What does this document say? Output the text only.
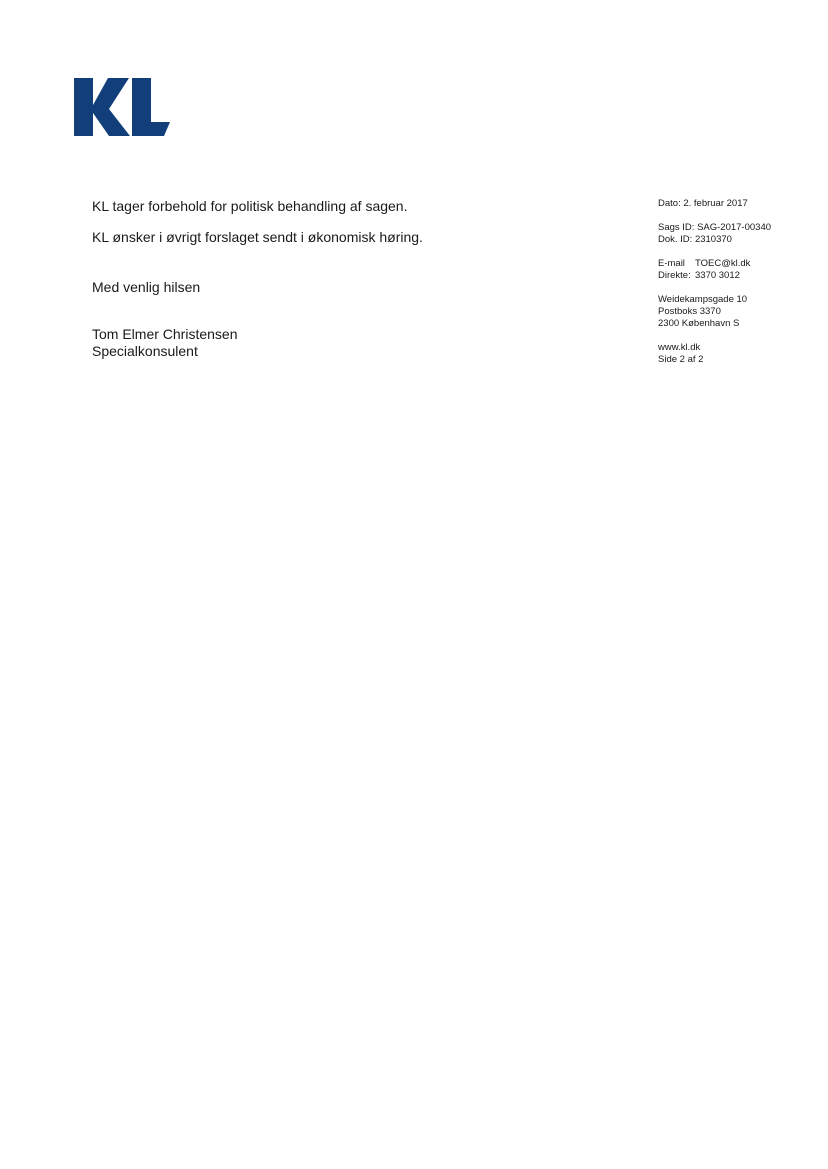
KL tager forbehold for politisk behandling af sagen.

KL ønsker i øvrigt forslaget sendt i økonomisk høring.

Med venlig hilsen

Tom Elmer Christensen

Specialkonsulent

Dato: 2. februar 2017
Sags ID: SAG-2017-00340
Dok. ID: 2310370
E-mail TOEC@kl.dk
Direkte: 3370 3012
Weidekampsgade 10
Postboks 3370
2300 København S
www.kl.dk
Side 2 af 2
